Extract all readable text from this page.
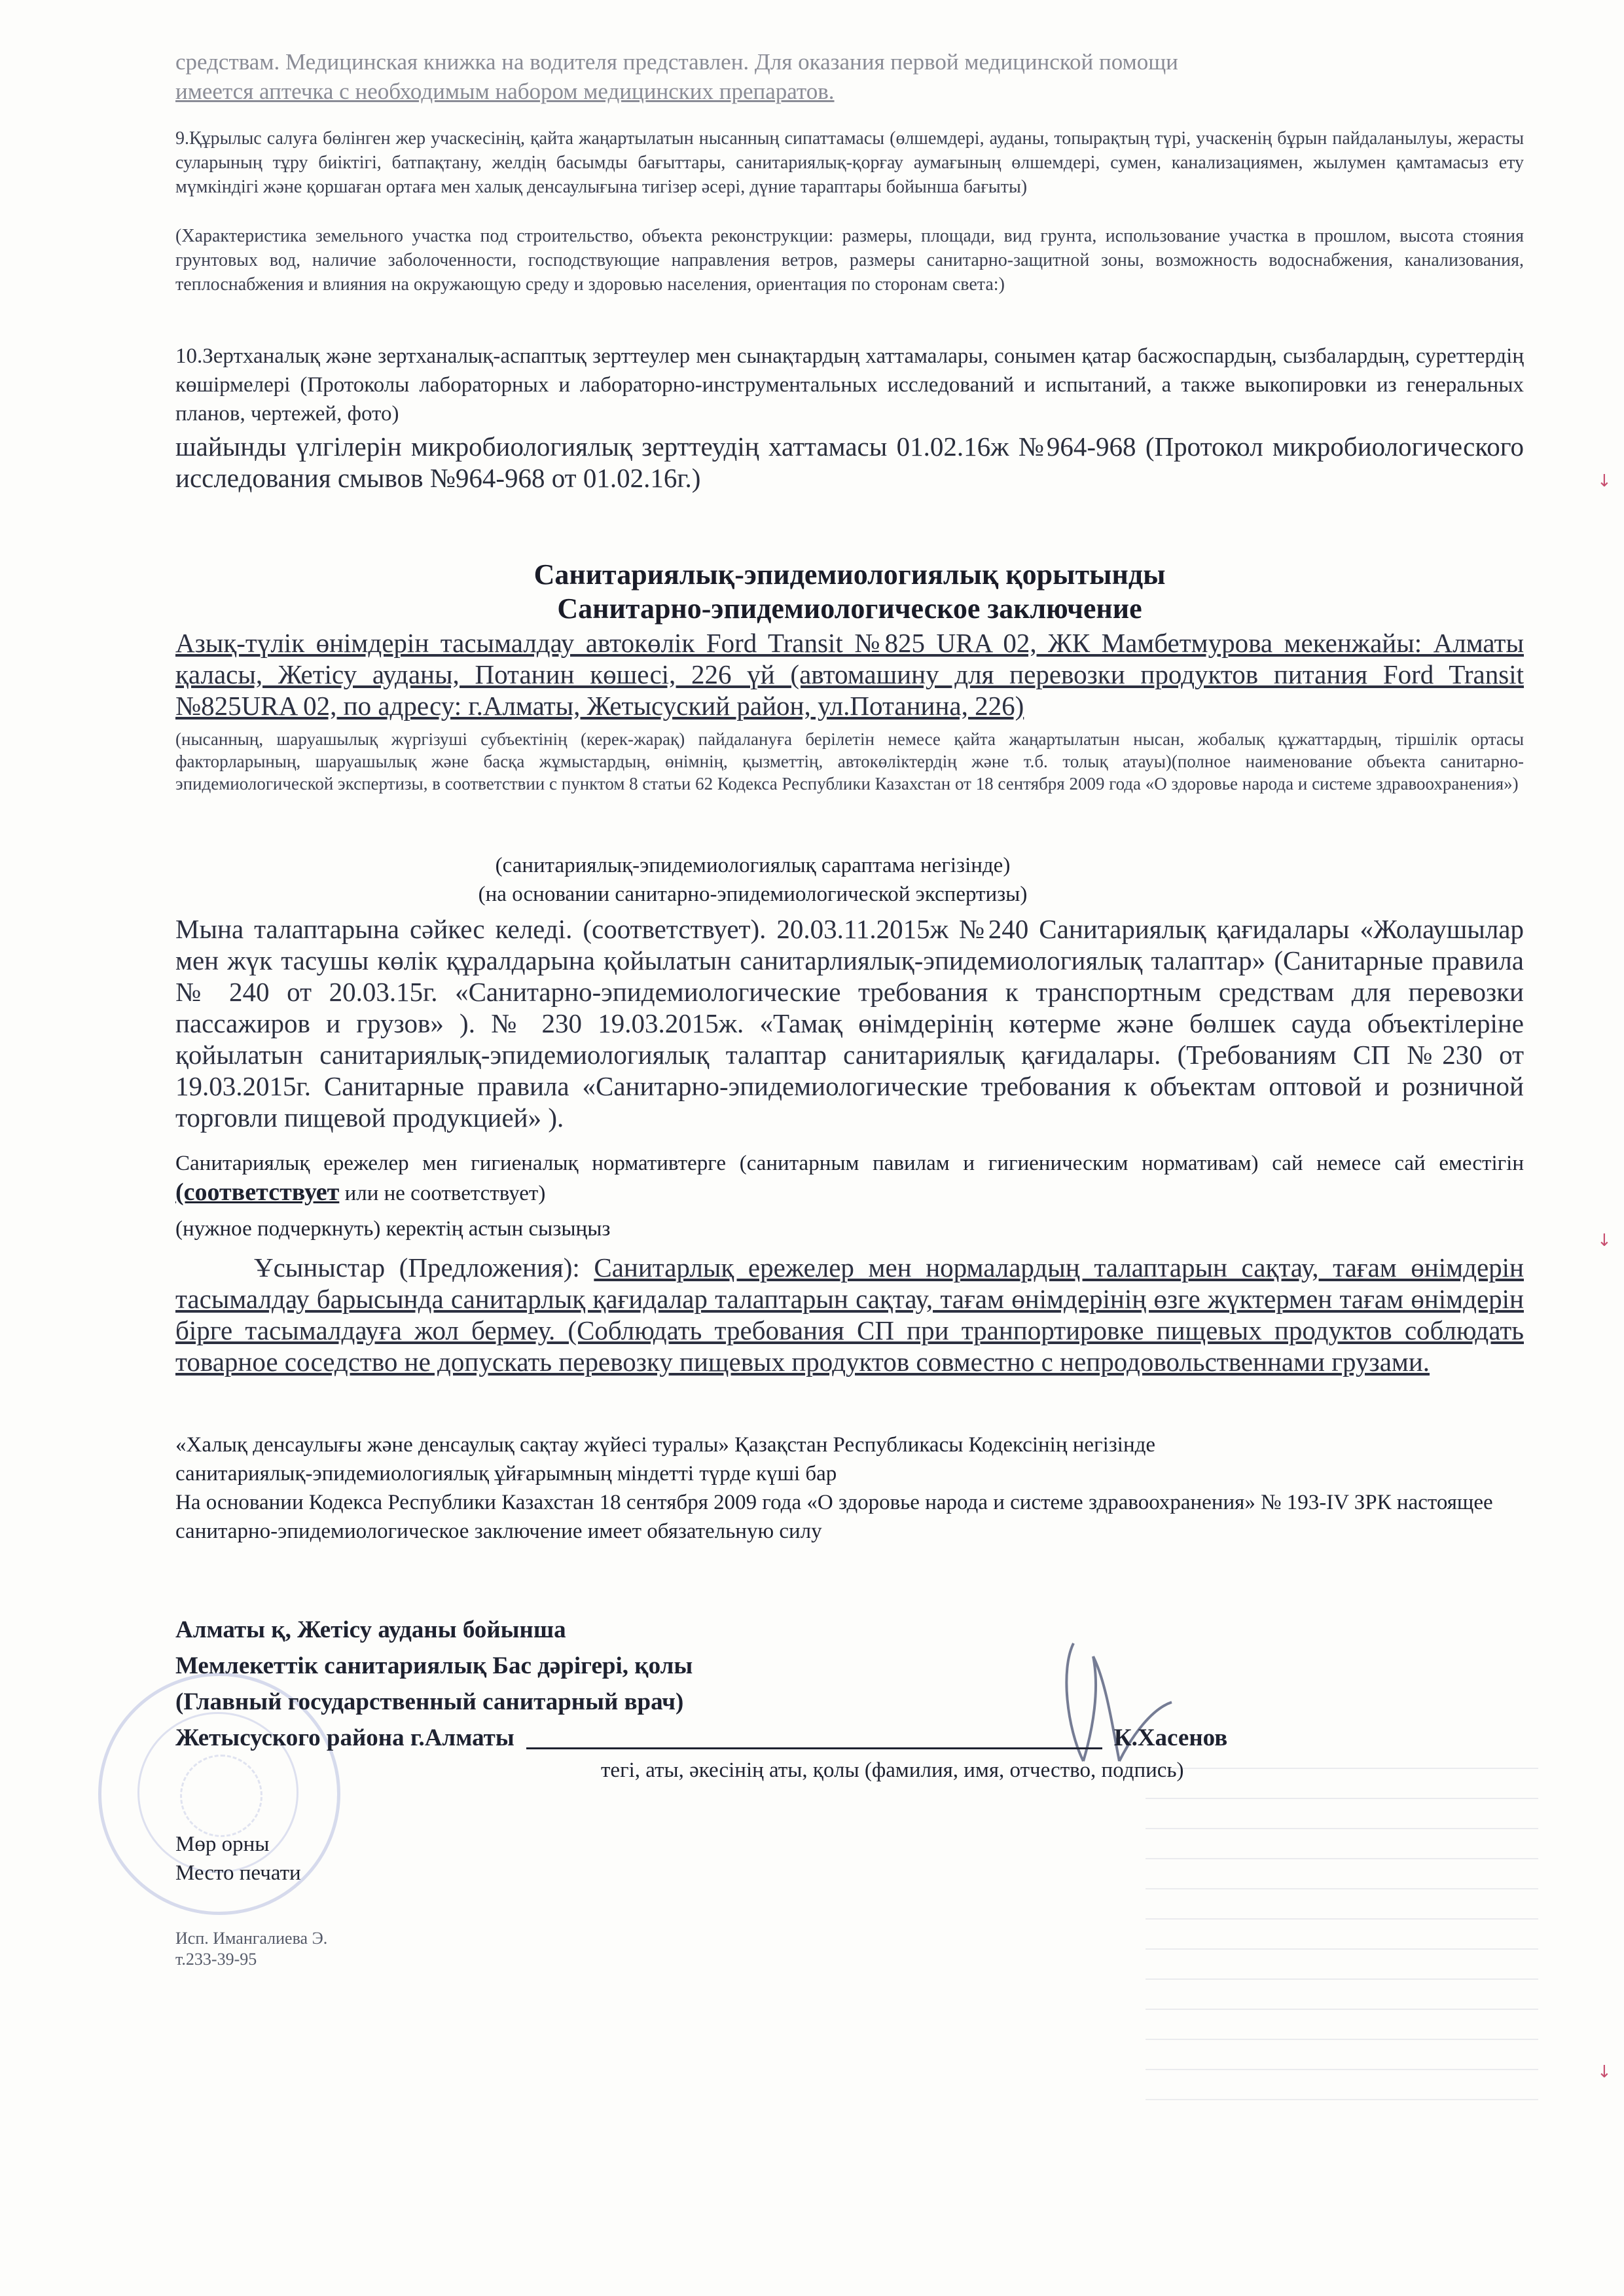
↓
↓
↓

средствам. Медицинская книжка на водителя представлен. Для оказания первой медицинской помощи
имеется аптечка с необходимым набором медицинских препаратов.

9.Құрылыс салуға бөлінген жер учаскесінің, қайта жаңартылатын нысанның сипаттамасы (өлшемдері, ауданы, топырақтың түрі, учаскенің бұрын пайдаланылуы, жерасты суларының тұру биіктігі, батпақтану, желдің басымды бағыттары, санитариялық-қорғау аумағының өлшемдері, сумен, канализациямен, жылумен қамтамасыз ету мүмкіндігі және қоршаған ортаға мен халық денсаулығына тигізер әсері, дүние тараптары бойынша бағыты)

(Характеристика земельного участка под строительство, объекта реконструкции: размеры, площади, вид грунта, использование участка в прошлом, высота стояния грунтовых вод, наличие заболоченности, господствующие направления ветров, размеры санитарно-защитной зоны, возможность водоснабжения, канализования, теплоснабжения и влияния на окружающую среду и здоровью населения, ориентация по сторонам света:)

10.Зертханалық және зертханалық-аспаптық зерттеулер мен сынақтардың хаттамалары, сонымен қатар басжоспардың, сызбалардың, суреттердің көшірмелері (Протоколы лабораторных и лабораторно-инструментальных исследований и испытаний, а также выкопировки из генеральных планов, чертежей, фото)

шайынды үлгілерін микробиологиялық зерттеудің хаттамасы 01.02.16ж №964-968 (Протокол микробиологического исследования смывов №964-968 от 01.02.16г.)

Санитариялық-эпидемиологиялық қорытынды
Санитарно-эпидемиологическое заключение

Азық-түлік өнімдерін тасымалдау автокөлік Ford Transit №825 URA 02, ЖК Мамбетмурова мекенжайы: Алматы қаласы, Жетісу ауданы, Потанин көшесі, 226 үй (автомашину для перевозки продуктов питания Ford Transit №825URA 02, по адресу: г.Алматы, Жетысуский район, ул.Потанина, 226)

(нысанның, шаруашылық жүргізуші субъектінің (керек-жарақ) пайдалануға берілетін немесе қайта жаңартылатын нысан, жобалық құжаттардың, тіршілік ортасы факторларының, шаруашылық және басқа жұмыстардың, өнімнің, қызметтің, автокөліктердің және т.б. толық атауы)(полное наименование объекта санитарно-эпидемиологической экспертизы, в соответствии с пунктом 8 статьи 62 Кодекса Республики Казахстан от 18 сентября 2009 года «О здоровье народа и системе здравоохранения»)

(санитариялық-эпидемиологиялық сараптама негізінде)
(на основании санитарно-эпидемиологической экспертизы)

Мына талаптарына сәйкес келеді. (соответствует). 20.03.11.2015ж №240 Санитариялық қағидалары «Жолаушылар мен жүк тасушы көлік құралдарына қойылатын санитарлиялық-эпидемиологиялық талаптар» (Санитарные правила № 240 от 20.03.15г. «Санитарно-эпидемиологические требования к транспортным средствам для перевозки пассажиров и грузов» ). № 230 19.03.2015ж. «Тамақ өнімдерінің көтерме және бөлшек сауда объектілеріне қойылатын санитариялық-эпидемиологиялық талаптар санитариялық қағидалары. (Требованиям СП №230 от 19.03.2015г. Санитарные правила «Санитарно-эпидемиологические требования к объектам оптовой и розничной торговли пищевой продукцией» ).

Санитариялық ережелер мен гигиеналық нормативтерге (санитарным павилам и гигиеническим нормативам) сай немесе сай еместігін (соответствует или не соответствует)

(нужное подчеркнуть) керектің астын сызыңыз

Ұсыныстар (Предложения): Санитарлық ережелер мен нормалардың талаптарын сақтау, тағам өнімдерін тасымалдау барысында санитарлық қағидалар талаптарын сақтау, тағам өнімдерінің өзге жүктермен тағам өнімдерін бірге тасымалдауға жол бермеу. (Соблюдать требования СП при транпортировке пищевых продуктов соблюдать товарное соседство не допускать перевозку пищевых продуктов совместно с непродовольственнами грузами.

«Халық денсаулығы және денсаулық сақтау жүйесі туралы» Қазақстан Республикасы Кодексінің негізінде
санитариялық-эпидемиологиялық ұйғарымның міндетті түрде күші бар
На основании Кодекса Республики Казахстан 18 сентября 2009 года «О здоровье народа и системе здравоохранения» № 193-IV ЗРК настоящее санитарно-эпидемиологическое заключение имеет обязательную силу

Алматы қ, Жетісу ауданы бойынша
Мемлекеттік санитариялық Бас дәрігері, қолы
(Главный государственный санитарный врач)
Жетысуского района г.Алматы	К.Хасенов
тегі, аты, әкесінің аты, қолы (фамилия, имя, отчество, подпись)
Мөр орны
Место печати
Исп. Имангалиева Э.
т.233-39-95
